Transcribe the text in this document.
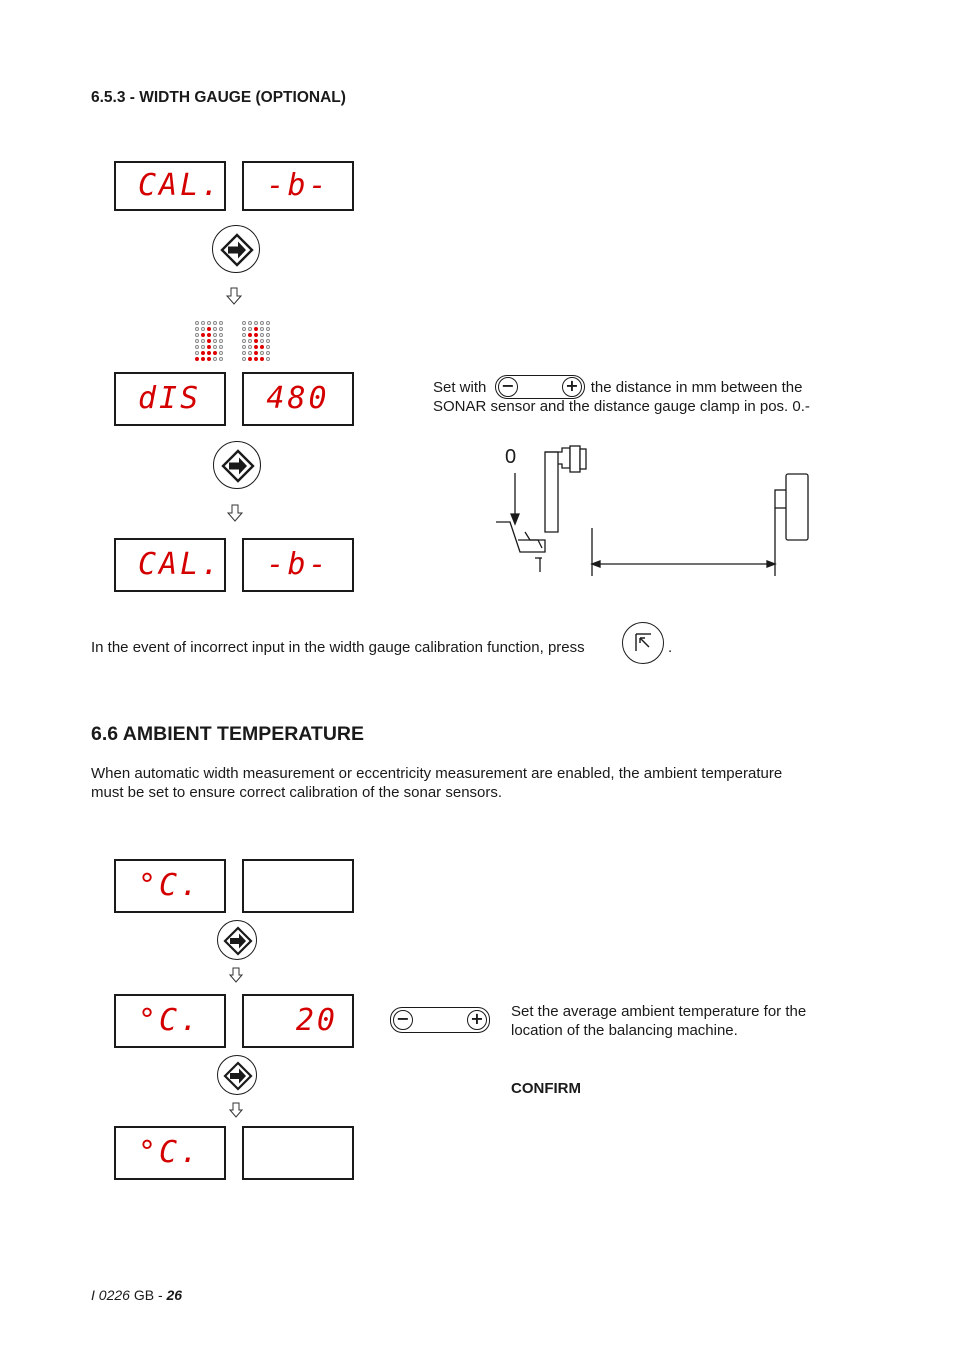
6.5.3 - WIDTH GAUGE (OPTIONAL)
CAL. -b-
dIS 480
CAL. -b-
Set with	the distance in mm between the
−	+
SONAR sensor and the distance gauge clamp in pos. 0.-
0
In the event of incorrect input in the width gauge calibration function, press	.
6.6 AMBIENT TEMPERATURE
When automatic width measurement or eccentricity measurement are enabled, the ambient temperature
must be set to ensure correct calibration of the sonar sensors.
°C.
°C.	20	−	+ Set the average ambient temperature for the
location of the balancing machine.
CONFIRM
°C.
I 0226 GB - 26
